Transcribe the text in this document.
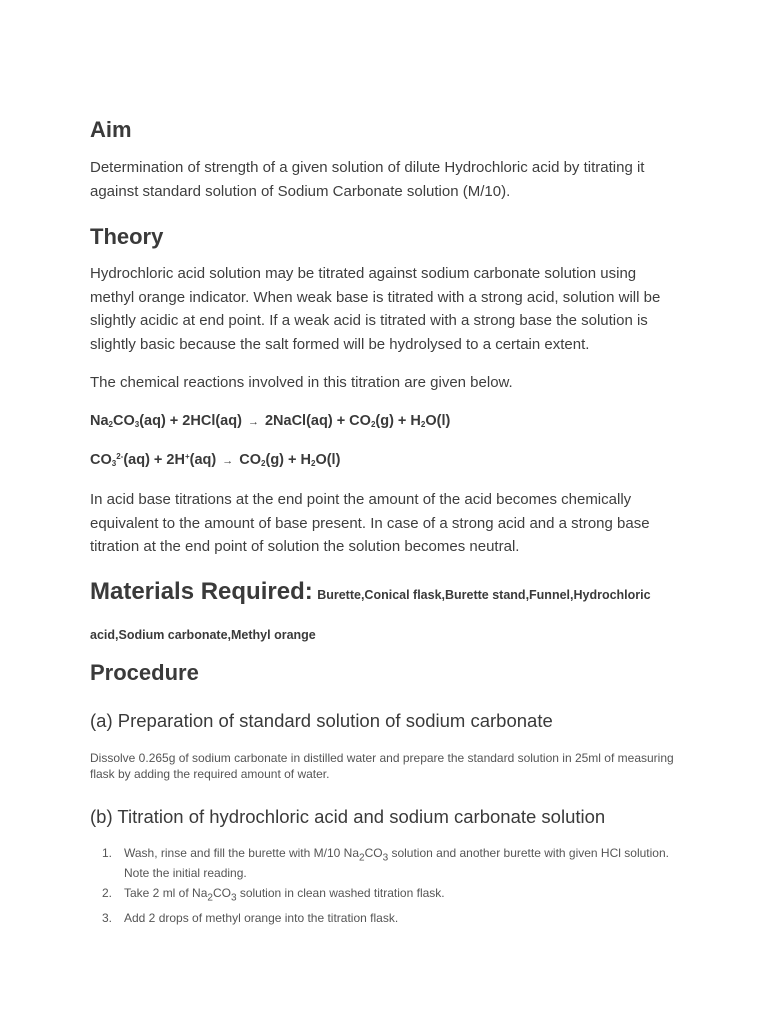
Aim

Determination of strength of a given solution of dilute Hydrochloric acid by titrating it against standard solution of Sodium Carbonate solution (M/10).

Theory

Hydrochloric acid solution may be titrated against sodium carbonate solution using methyl orange indicator. When weak base is titrated with a strong acid, solution will be slightly acidic at end point. If a weak acid is titrated with a strong base the solution is slightly basic because the salt formed will be hydrolysed to a certain extent.

The chemical reactions involved in this titration are given below.

$Na_2CO_3(aq) + 2HCl(aq)$ → 2NaCl(aq) + $CO_2(g) + H_2O(l)$

$CO_3^{2-}(aq) + 2H^+(aq) \to CO_2(g) + H_2O(l)$

In acid base titrations at the end point the amount of the acid becomes chemically equivalent to the amount of base present. In case of a strong acid and a strong base titration at the end point of solution the solution becomes neutral.

Materials Required: Burette,Conical flask,Burette stand,Funnel,Hydrochloric acid,Sodium carbonate,Methyl orange

Procedure
(a) Preparation of standard solution of sodium carbonate

Dissolve 0.265g of sodium carbonate in distilled water and prepare the standard solution in 25ml of measuring flask by adding the required amount of water.

(b) Titration of hydrochloric acid and sodium carbonate solution
1. Wash, rinse and fill the burette with M/10 $Na_2CO_3$ solution and another burette with given HCl solution. Note the initial reading.
2. Take 2 ml of $Na_2CO_3$ solution in clean washed titration flask.
3. Add 2 drops of methyl orange into the titration flask.
